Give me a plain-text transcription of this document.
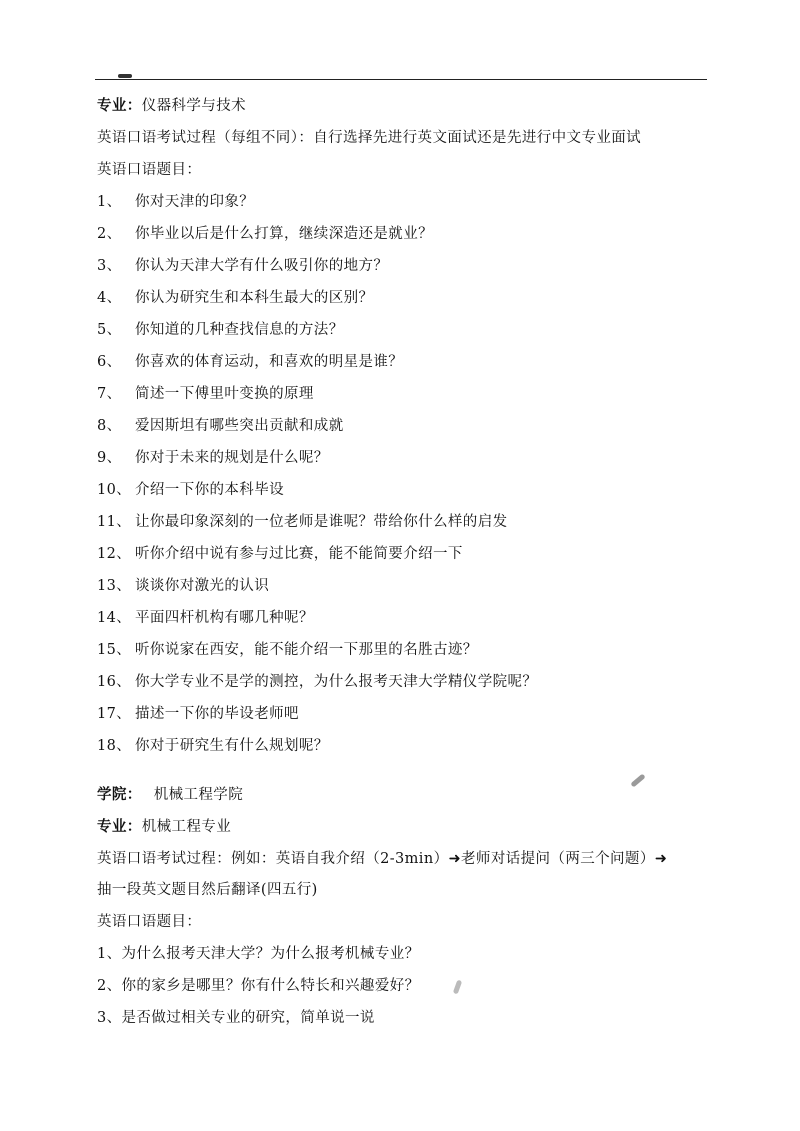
专业：仪器科学与技术
英语口语考试过程（每组不同）：自行选择先进行英文面试还是先进行中文专业面试
英语口语题目：
1、 你对天津的印象？
2、 你毕业以后是什么打算，继续深造还是就业？
3、 你认为天津大学有什么吸引你的地方？
4、 你认为研究生和本科生最大的区别？
5、 你知道的几种查找信息的方法？
6、 你喜欢的体育运动，和喜欢的明星是谁？
7、 简述一下傅里叶变换的原理
8、 爱因斯坦有哪些突出贡献和成就
9、 你对于未来的规划是什么呢？
10、 介绍一下你的本科毕设
11、 让你最印象深刻的一位老师是谁呢？带给你什么样的启发
12、 听你介绍中说有参与过比赛，能不能简要介绍一下
13、 谈谈你对激光的认识
14、 平面四杆机构有哪几种呢？
15、 听你说家在西安，能不能介绍一下那里的名胜古迹？
16、 你大学专业不是学的测控，为什么报考天津大学精仪学院呢？
17、 描述一下你的毕设老师吧
18、 你对于研究生有什么规划呢？
学院： 机械工程学院
专业：机械工程专业
英语口语考试过程：例如：英语自我介绍（2-3min）➜老师对话提问（两三个问题）➜
抽一段英文题目然后翻译(四五行)
英语口语题目：
1、为什么报考天津大学？为什么报考机械专业？
2、你的家乡是哪里？你有什么特长和兴趣爱好？
3、是否做过相关专业的研究，简单说一说
